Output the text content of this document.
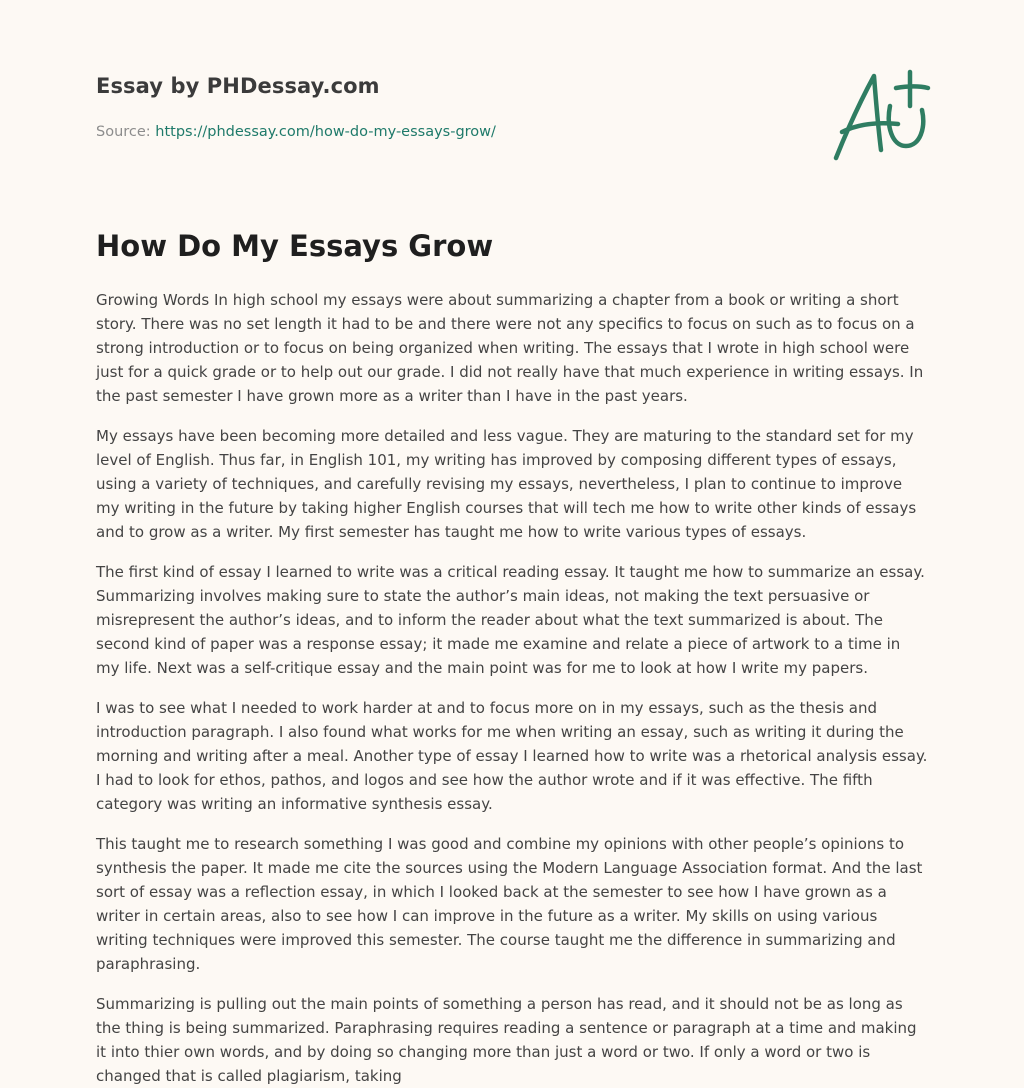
Essay by PHDessay.com

Source: https://phdessay.com/how-do-my-essays-grow/

How Do My Essays Grow

Growing Words In high school my essays were about summarizing a chapter from a book or writing a short story. There was no set length it had to be and there were not any specifics to focus on such as to focus on a strong introduction or to focus on being organized when writing. The essays that I wrote in high school were just for a quick grade or to help out our grade. I did not really have that much experience in writing essays. In the past semester I have grown more as a writer than I have in the past years.

My essays have been becoming more detailed and less vague. They are maturing to the standard set for my level of English. Thus far, in English 101, my writing has improved by composing different types of essays, using a variety of techniques, and carefully revising my essays, nevertheless, I plan to continue to improve my writing in the future by taking higher English courses that will tech me how to write other kinds of essays and to grow as a writer. My first semester has taught me how to write various types of essays.

The first kind of essay I learned to write was a critical reading essay. It taught me how to summarize an essay. Summarizing involves making sure to state the author’s main ideas, not making the text persuasive or misrepresent the author’s ideas, and to inform the reader about what the text summarized is about. The second kind of paper was a response essay; it made me examine and relate a piece of artwork to a time in my life. Next was a self-critique essay and the main point was for me to look at how I write my papers.

I was to see what I needed to work harder at and to focus more on in my essays, such as the thesis and introduction paragraph. I also found what works for me when writing an essay, such as writing it during the morning and writing after a meal. Another type of essay I learned how to write was a rhetorical analysis essay. I had to look for ethos, pathos, and logos and see how the author wrote and if it was effective. The fifth category was writing an informative synthesis essay.

This taught me to research something I was good and combine my opinions with other people’s opinions to synthesis the paper. It made me cite the sources using the Modern Language Association format. And the last sort of essay was a reflection essay, in which I looked back at the semester to see how I have grown as a writer in certain areas, also to see how I can improve in the future as a writer. My skills on using various writing techniques were improved this semester. The course taught me the difference in summarizing and paraphrasing.

Summarizing is pulling out the main points of something a person has read, and it should not be as long as the thing is being summarized. Paraphrasing requires reading a sentence or paragraph at a time and making it into thier own words, and by doing so changing more than just a word or two. If only a word or two is changed that is called plagiarism, taking
